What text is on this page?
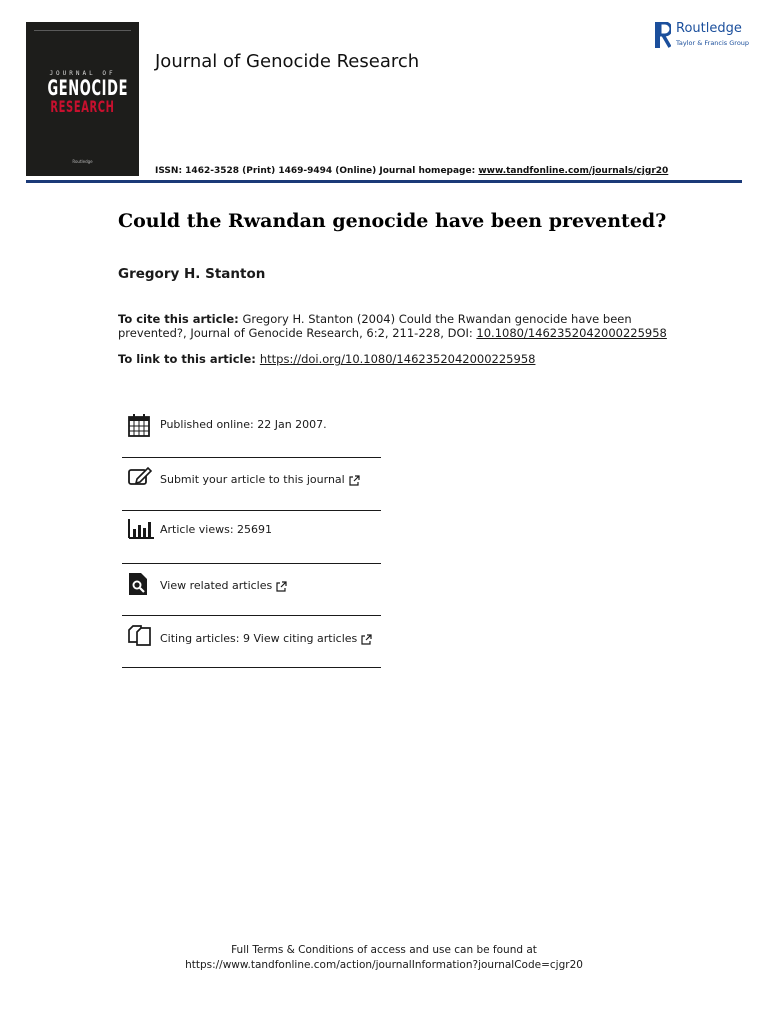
JOURNAL OF
GENOCIDE
RESEARCH
Routledge
Journal of Genocide Research
ISSN: 1462-3528 (Print) 1469-9494 (Online) Journal homepage: www.tandfonline.com/journals/cjgr20
Routledge
Taylor & Francis Group
Could the Rwandan genocide have been prevented?
Gregory H. Stanton
To cite this article: Gregory H. Stanton (2004) Could the Rwandan genocide have been prevented?, Journal of Genocide Research, 6:2, 211-228, DOI: 10.1080/1462352042000225958
To link to this article: https://doi.org/10.1080/1462352042000225958
Published online: 22 Jan 2007.
Submit your article to this journal
Article views: 25691
View related articles
Citing articles: 9 View citing articles
Full Terms & Conditions of access and use can be found at
https://www.tandfonline.com/action/journalInformation?journalCode=cjgr20
